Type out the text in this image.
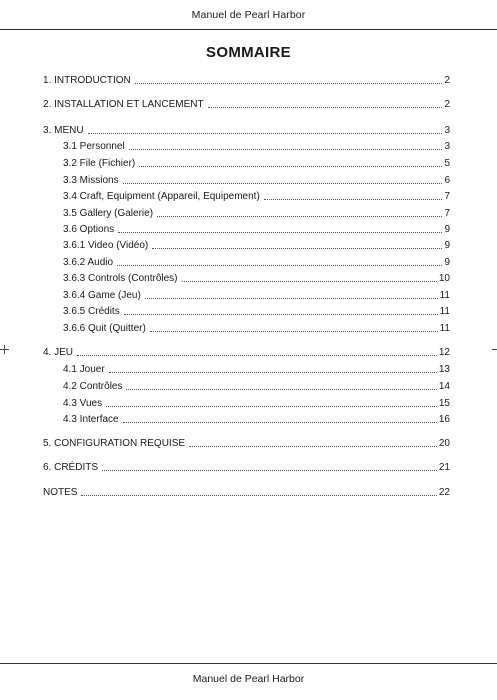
Manuel de Pearl Harbor
SOMMAIRE
1. INTRODUCTION	2
2. INSTALLATION ET LANCEMENT	2
3. MENU	3
3.1 Personnel	3
3.2 File (Fichier)	5
3.3 Missions	6
3.4 Craft, Equipment (Appareil, Equipement)	7
3.5 Gallery (Galerie)	7
3.6 Options	9
3.6.1 Video (Vidéo)	9
3.6.2 Audio	9
3.6.3 Controls (Contrôles)	10
3.6.4 Game (Jeu)	11
3.6.5 Crédits	11
3.6.6 Quit (Quitter)	11
4. JEU	12
4.1 Jouer	13
4.2 Contrôles	14
4.3 Vues	15
4.3 Interface	16
5. CONFIGURATION REQUISE	20
6. CRÉDITS	21
NOTES	22
Manuel de Pearl Harbor
